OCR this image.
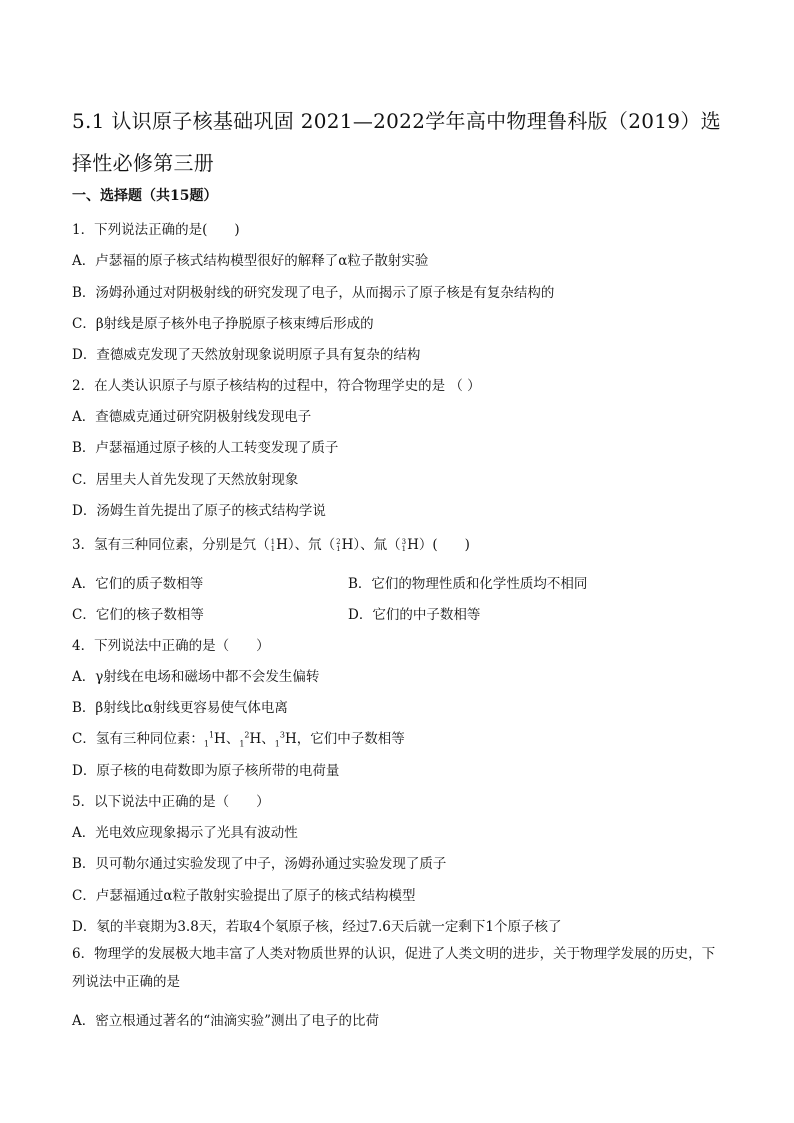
5.1 认识原子核基础巩固 2021—2022学年高中物理鲁科版（2019）选择性必修第三册
一、选择题（共15题）
1．下列说法正确的是(　　)
A．卢瑟福的原子核式结构模型很好的解释了α粒子散射实验
B．汤姆孙通过对阴极射线的研究发现了电子，从而揭示了原子核是有复杂结构的
C．β射线是原子核外电子挣脱原子核束缚后形成的
D．查德威克发现了天然放射现象说明原子具有复杂的结构
2．在人类认识原子与原子核结构的过程中，符合物理学史的是 （ ）
A．查德威克通过研究阴极射线发现电子
B．卢瑟福通过原子核的人工转变发现了质子
C．居里夫人首先发现了天然放射现象
D．汤姆生首先提出了原子的核式结构学说
3．氢有三种同位素，分别是氕（1
1H）、氘（2
1H）、氚（3
1H）(　　)
A．它们的质子数相等	B．它们的物理性质和化学性质均不相同
C．它们的核子数相等	D．它们的中子数相等
4．下列说法中正确的是（　　）
A．γ射线在电场和磁场中都不会发生偏转
B．β射线比α射线更容易使气体电离
C．氢有三种同位素：$_1^1$H、$_1^2$H、$_1^3$H，它们中子数相等
D．原子核的电荷数即为原子核所带的电荷量
5．以下说法中正确的是（　　）
A．光电效应现象揭示了光具有波动性
B．贝可勒尔通过实验发现了中子，汤姆孙通过实验发现了质子
C．卢瑟福通过α粒子散射实验提出了原子的核式结构模型
D．氡的半衰期为3.8天，若取4个氡原子核，经过7.6天后就一定剩下1个原子核了
6．物理学的发展极大地丰富了人类对物质世界的认识，促进了人类文明的进步，关于物理学发展的历史，下列说法中正确的是
A．密立根通过著名的“油滴实验”测出了电子的比荷
